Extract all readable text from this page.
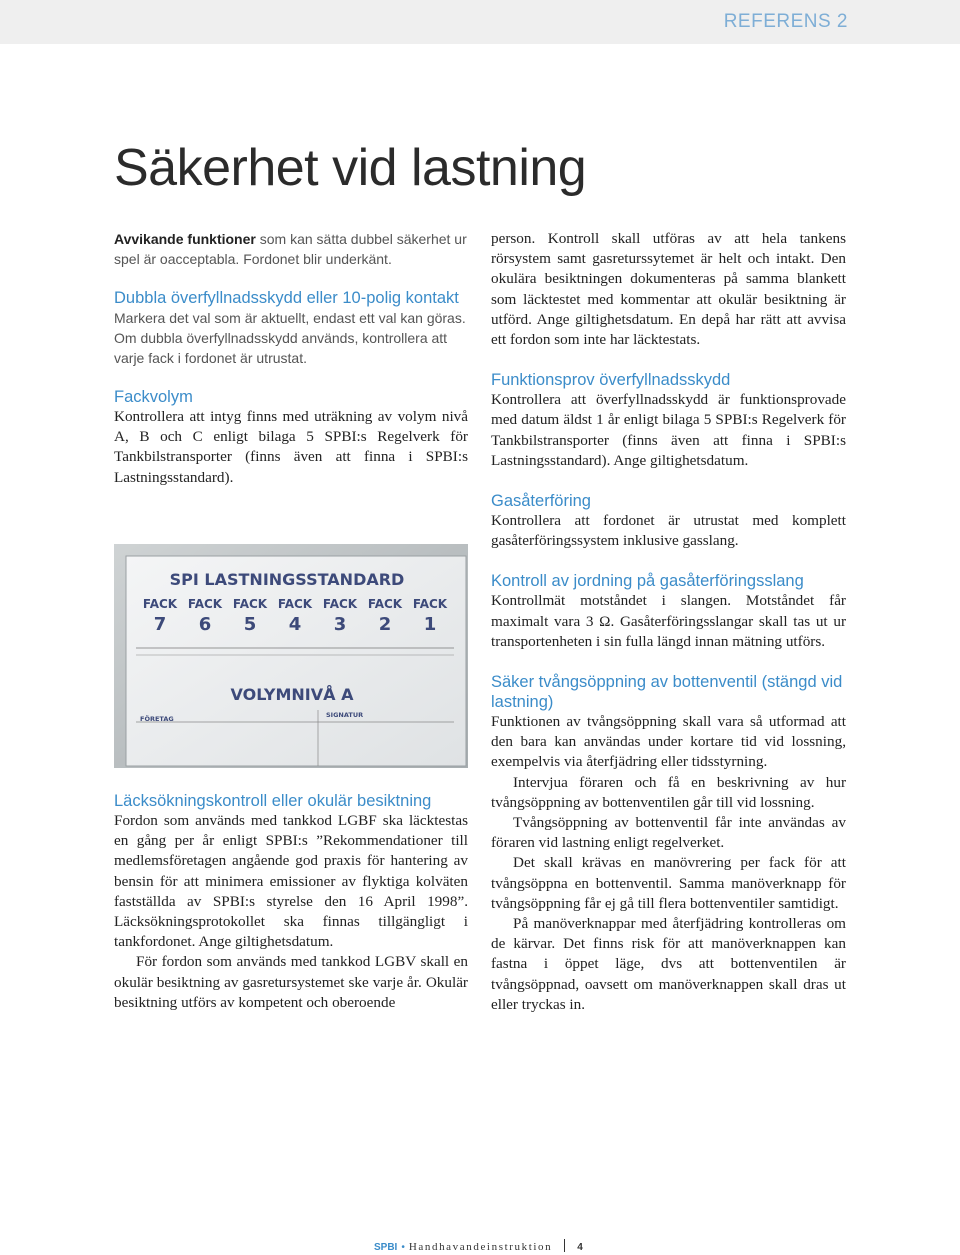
REFERENS 2
Säkerhet vid lastning

Avvikande funktioner som kan sätta dubbel säkerhet ur spel är oacceptabla. Fordonet blir underkänt.

Dubbla överfyllnadsskydd eller 10-polig kontakt

Markera det val som är aktuellt, endast ett val kan göras. Om dubbla överfyllnadsskydd används, kontrollera att varje fack i fordonet är utrustat.

Fackvolym

Kontrollera att intyg finns med uträkning av volym nivå A, B och C enligt bilaga 5 SPBI:s Regelverk för Tankbilstransporter (finns även att finna i SPBI:s Lastningsstandard).

SPI LASTNINGSSTANDARD
FACK
7
FACK
6
FACK
5
FACK
4
FACK
3
FACK
2
FACK
1
VOLYMNIVÅ A
FÖRETAG	SIGNATUR
Läcksökningskontroll eller okulär besiktning

Fordon som används med tankkod LGBF ska läcktestas en gång per år enligt SPBI:s ”Rekommendationer till medlemsföretagen angående god praxis för hantering av bensin för att minimera emissioner av flyktiga kolväten fastställda av SPBI:s styrelse den 16 April 1998”. Läcksökningsprotokollet ska finnas tillgängligt i tankfordonet. Ange giltighetsdatum.

För fordon som används med tankkod LGBV skall en okulär besiktning av gasretursystemet ske varje år. Okulär besiktning utförs av kompetent och oberoende

person. Kontroll skall utföras av att hela tankens rörsystem samt gasreturssytemet är helt och intakt. Den okulära besiktningen dokumenteras på samma blankett som läcktestet med kommentar att okulär besiktning är utförd. Ange giltighetsdatum. En depå har rätt att avvisa ett fordon som inte har läcktestats.

Funktionsprov överfyllnadsskydd

Kontrollera att överfyllnadsskydd är funktionsprovade med datum äldst 1 år enligt bilaga 5 SPBI:s Regelverk för Tankbilstransporter (finns även att finna i SPBI:s Lastningsstandard). Ange giltighetsdatum.

Gasåterföring

Kontrollera att fordonet är utrustat med komplett gasåterföringssystem inklusive gasslang.

Kontroll av jordning på gasåterföringsslang

Kontrollmät motståndet i slangen. Motståndet får maximalt vara 3 Ω. Gasåterföringsslangar skall tas ut ur transportenheten i sin fulla längd innan mätning utförs.

Säker tvångsöppning av bottenventil (stängd vid lastning)

Funktionen av tvångsöppning skall vara så utformad att den bara kan användas under kortare tid vid lossning, exempelvis via återfjädring eller tidsstyrning.

Intervjua föraren och få en beskrivning av hur tvångsöppning av bottenventilen går till vid lossning.

Tvångsöppning av bottenventil får inte användas av föraren vid lastning enligt regelverket.

Det skall krävas en manövrering per fack för att tvångsöppna en bottenventil. Samma manöverknapp för tvångsöppning får ej gå till flera bottenventiler samtidigt.

På manöverknappar med återfjädring kontrolleras om de kärvar. Det finns risk för att manöverknappen kan fastna i öppet läge, dvs att bottenventilen är tvångsöppnad, oavsett om manöverknappen skall dras ut eller tryckas in.

SPBI • Handhavandeinstruktion	4
